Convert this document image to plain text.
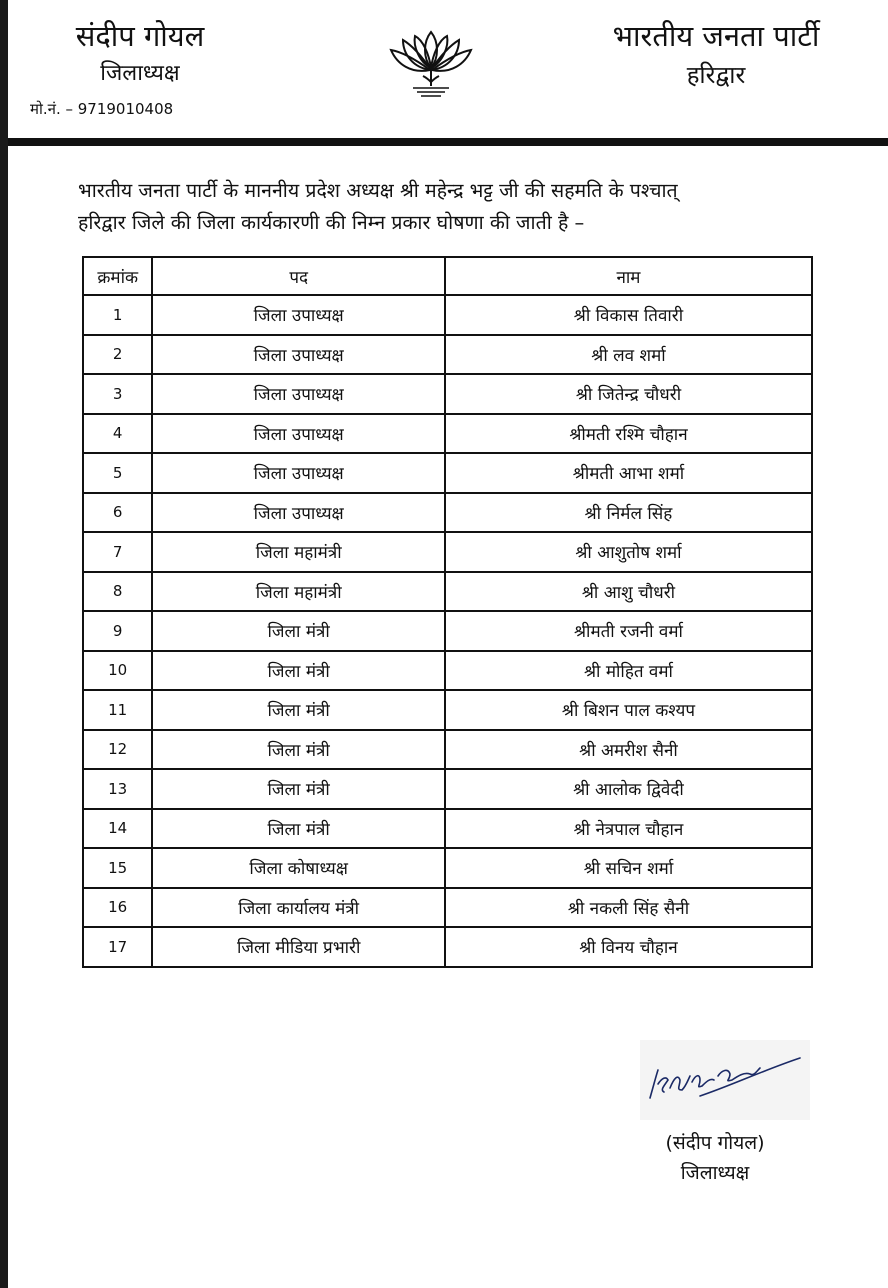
संदीप गोयल
जिलाध्यक्ष
मो.नं. – 9719010408
भारतीय जनता पार्टी
हरिद्वार

भारतीय जनता पार्टी के माननीय प्रदेश अध्यक्ष श्री महेन्द्र भट्ट जी की सहमति के पश्चात्

हरिद्वार जिले की जिला कार्यकारणी की निम्न प्रकार घोषणा की जाती है –

क्रमांक	पद	नाम
1	जिला उपाध्यक्ष	श्री विकास तिवारी
2	जिला उपाध्यक्ष	श्री लव शर्मा
3	जिला उपाध्यक्ष	श्री जितेन्द्र चौधरी
4	जिला उपाध्यक्ष	श्रीमती रश्मि चौहान
5	जिला उपाध्यक्ष	श्रीमती आभा शर्मा
6	जिला उपाध्यक्ष	श्री निर्मल सिंह
7	जिला महामंत्री	श्री आशुतोष शर्मा
8	जिला महामंत्री	श्री आशु चौधरी
9	जिला मंत्री	श्रीमती रजनी वर्मा
10	जिला मंत्री	श्री मोहित वर्मा
11	जिला मंत्री	श्री बिशन पाल कश्यप
12	जिला मंत्री	श्री अमरीश सैनी
13	जिला मंत्री	श्री आलोक द्विवेदी
14	जिला मंत्री	श्री नेत्रपाल चौहान
15	जिला कोषाध्यक्ष	श्री सचिन शर्मा
16	जिला कार्यालय मंत्री	श्री नकली सिंह सैनी
17	जिला मीडिया प्रभारी	श्री विनय चौहान
(संदीप गोयल)
जिलाध्यक्ष
